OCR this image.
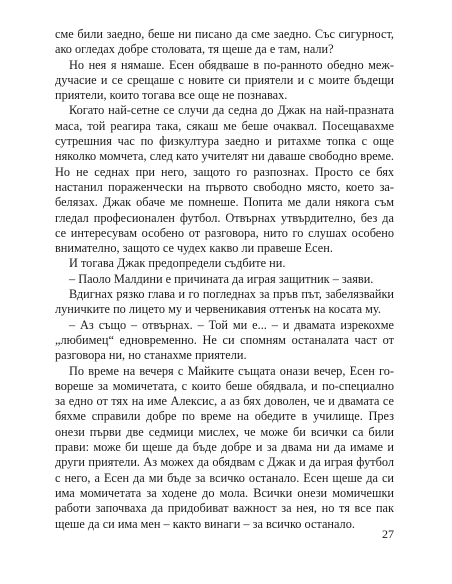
сме били заедно, беше ни писано да сме заедно. Със сигурност, ако огледах добре столовата, тя щеше да е там, нали?

Но нея я нямаше. Есен обядваше в по-ранното обедно междучасие и се срещаше с новите си приятели и с моите бъдещи приятели, които тогава все още не познавах.

Когато най-сетне се случи да седна до Джак на най-празната маса, той реагира така, сякаш ме беше очаквал. Посещавахме сутрешния час по физкултура заедно и ритахме топка с още няколко момчета, след като учителят ни даваше свободно време. Но не седнах при него, защото го разпознах. Просто се бях настанил пораженчески на първото свободно място, което забелязах. Джак обаче ме помнеше. Попита ме дали някога съм гледал професионален футбол. Отвърнах утвърдително, без да се интересувам особено от разговора, нито го слушах особено внимателно, защото се чудех какво ли правеше Есен.

И тогава Джак предопредели съдбите ни.

– Паоло Малдини е причината да играя защитник – заяви.

Вдигнах рязко глава и го погледнах за пръв път, забелязвайки луничките по лицето му и червеникавия оттенък на косата му.

– Аз също – отвърнах. – Той ми е... – и двамата изрекохме „любимец“ едновременно. Не си спомням останалата част от разговора ни, но станахме приятели.

По време на вечеря с Майките същата онази вечер, Есен говореше за момичетата, с които беше обядвала, и по-специално за едно от тях на име Алексис, а аз бях доволен, че и двамата се бяхме справили добре по време на обедите в училище. През онези първи две седмици мислех, че може би всички са били прави: може би щеше да бъде добре и за двама ни да имаме и други приятели. Аз можех да обядвам с Джак и да играя футбол с него, а Есен да ми бъде за всичко останало. Есен щеше да си има момичетата за ходене до мола. Всички онези момичешки работи започваха да придобиват важност за нея, но тя все пак щеше да си има мен – както винаги – за всичко останало.

27
